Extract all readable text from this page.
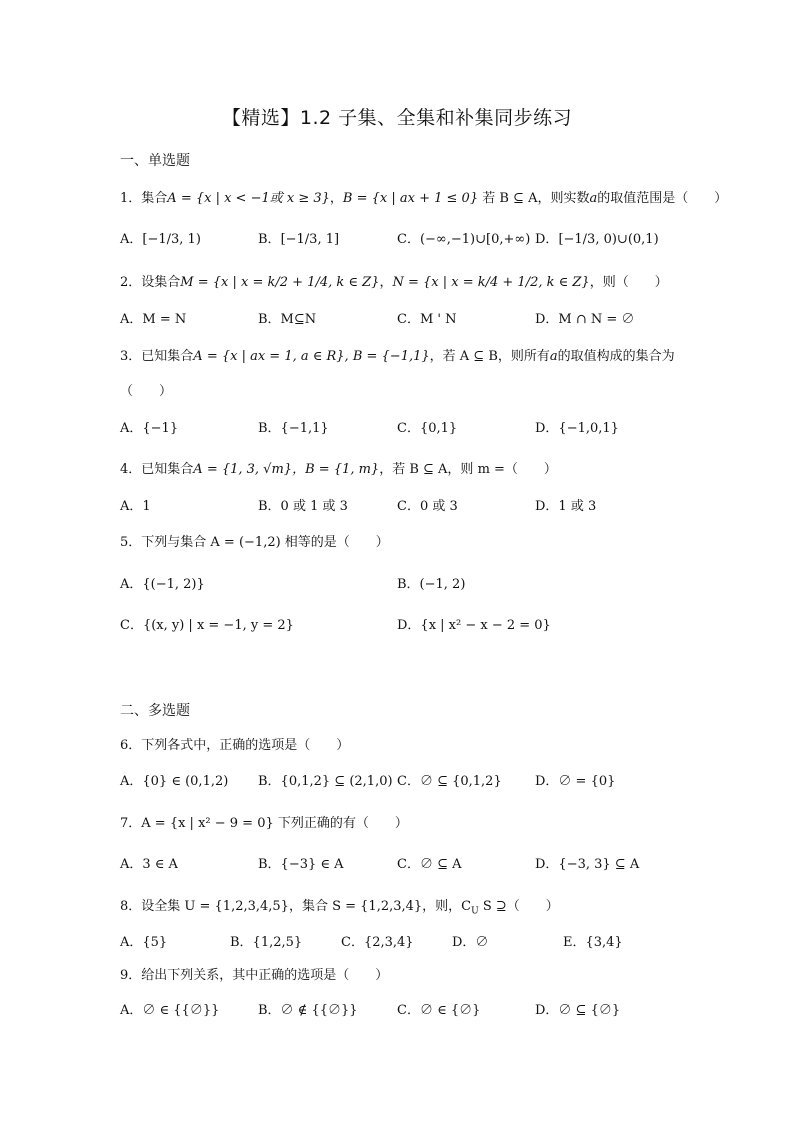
【精选】1.2 子集、全集和补集同步练习
一、单选题
1．集合A = {x | x < −1或 x ≥ 3}，B = {x | ax + 1 ≤ 0} 若 B ⊆ A，则实数a的取值范围是（　　）
A．[−1/3, 1)	B．[−1/3, 1]	C．(−∞,−1)∪[0,+∞) D．[−1/3, 0)∪(0,1)
2．设集合M = {x | x = k/2 + 1/4, k ∈ Z}，N = {x | x = k/4 + 1/2, k ∈ Z}，则（　　）
A．M = N	B．M⊆N	C．M ' N	D．M ∩ N = ∅
3．已知集合A = {x | ax = 1, a ∈ R}, B = {−1,1}，若 A ⊆ B，则所有a的取值构成的集合为
（　　）
A．{−1}	B．{−1,1}	C．{0,1}	D．{−1,0,1}
4．已知集合A = {1, 3, √m}，B = {1, m}，若 B ⊆ A，则 m =（　　）
A．1	B．0 或 1 或 3	C．0 或 3	D．1 或 3
5．下列与集合 A = (−1,2) 相等的是（　　）
A．{(−1, 2)}	B．(−1, 2)
C．{(x, y) | x = −1, y = 2}	D．{x | x² − x − 2 = 0}
二、多选题
6．下列各式中，正确的选项是（　　）
A．{0} ∈ (0,1,2) B．{0,1,2} ⊆ (2,1,0) C．∅ ⊆ {0,1,2}	D．∅ = {0}
7．A = {x | x² − 9 = 0} 下列正确的有（　　）
A．3 ∈ A	B．{−3} ∈ A	C．∅ ⊆ A	D．{−3, 3} ⊆ A
8．设全集 U = {1,2,3,4,5}，集合 S = {1,2,3,4}，则，$C_U$ S ⊇（　　）
A．{5}	B．{1,2,5}	C．{2,3,4}	D．∅	E．{3,4}
9．给出下列关系，其中正确的选项是（　　）
A．∅ ∈ {{∅}}	B．∅ ∉ {{∅}}	C．∅ ∈ {∅}	D．∅ ⊆ {∅}
